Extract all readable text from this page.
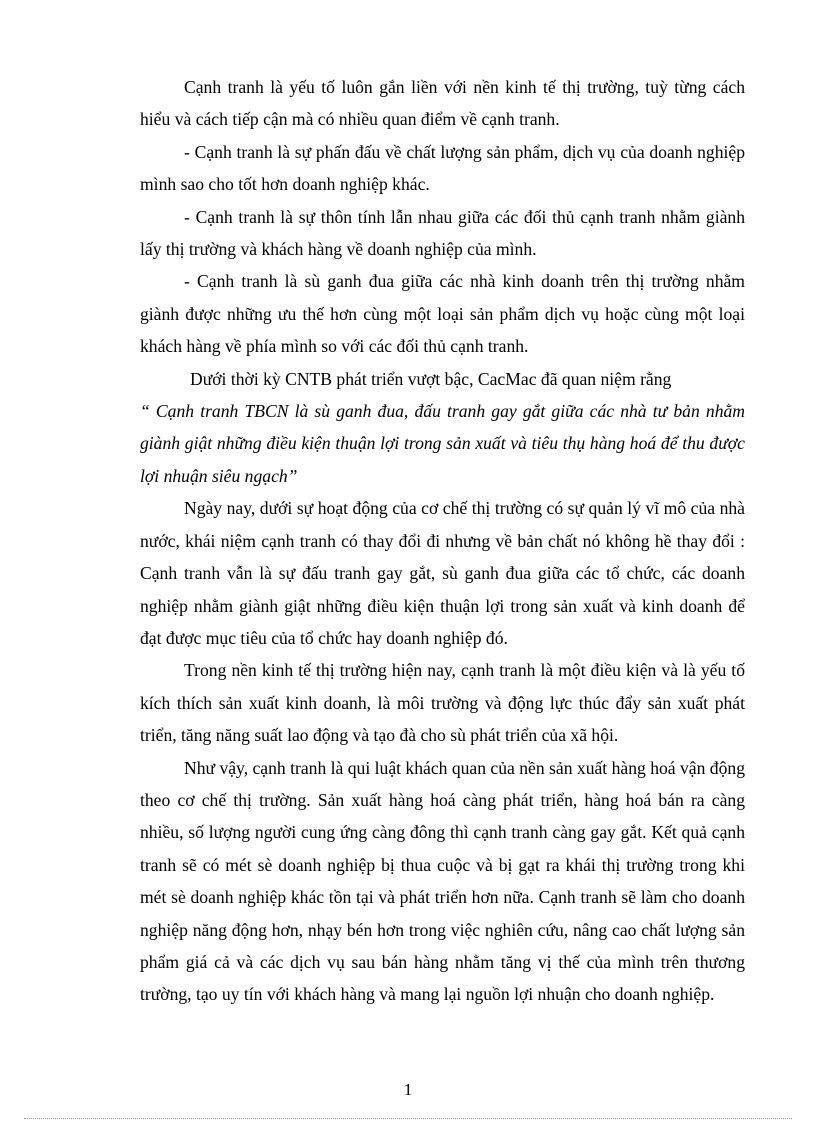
Cạnh tranh là yếu tố luôn gắn liền với nền kinh tế thị trường, tuỳ từng cách hiểu và cách tiếp cận mà có nhiều quan điểm về cạnh tranh.

- Cạnh tranh là sự phấn đấu về chất lượng sản phẩm, dịch vụ của doanh nghiệp mình sao cho tốt hơn doanh nghiệp khác.

- Cạnh tranh là sự thôn tính lẫn nhau giữa các đối thủ cạnh tranh nhằm giành lấy thị trường và khách hàng về doanh nghiệp của mình.

- Cạnh tranh là sù ganh đua giữa các nhà kinh doanh trên thị trường nhằm giành được những ưu thế hơn cùng một loại sản phẩm dịch vụ hoặc cùng một loại khách hàng về phía mình so với các đối thủ cạnh tranh.

Dưới thời kỳ CNTB phát triển vượt bậc, CacMac đã quan niệm rằng

“ Cạnh tranh TBCN là sù ganh đua, đấu tranh gay gắt giữa các nhà tư bản nhằm giành giật những điều kiện thuận lợi trong sản xuất và tiêu thụ hàng hoá để thu được lợi nhuận siêu ngạch”

Ngày nay, dưới sự hoạt động của cơ chế thị trường có sự quản lý vĩ mô của nhà nước, khái niệm cạnh tranh có thay đổi đi nhưng về bản chất nó không hề thay đổi : Cạnh tranh vẫn là sự đấu tranh gay gắt, sù ganh đua giữa các tổ chức, các doanh nghiệp nhằm giành giật những điều kiện thuận lợi trong sản xuất và kinh doanh để đạt được mục tiêu của tổ chức hay doanh nghiệp đó.

Trong nền kinh tế thị trường hiện nay, cạnh tranh là một điều kiện và là yếu tố kích thích sản xuất kinh doanh, là môi trường và động lực thúc đẩy sản xuất phát triển, tăng năng suất lao động và tạo đà cho sù phát triển của xã hội.

Như vậy, cạnh tranh là qui luật khách quan của nền sản xuất hàng hoá vận động theo cơ chế thị trường. Sản xuất hàng hoá càng phát triển, hàng hoá bán ra càng nhiều, số lượng người cung ứng càng đông thì cạnh tranh càng gay gắt. Kết quả cạnh tranh sẽ có mét sè doanh nghiệp bị thua cuộc và bị gạt ra khái thị trường trong khi mét sè doanh nghiệp khác tồn tại và phát triển hơn nữa. Cạnh tranh sẽ làm cho doanh nghiệp năng động hơn, nhạy bén hơn trong việc nghiên cứu, nâng cao chất lượng sản phẩm giá cả và các dịch vụ sau bán hàng nhằm tăng vị thế của mình trên thương trường, tạo uy tín với khách hàng và mang lại nguồn lợi nhuận cho doanh nghiệp.

1
